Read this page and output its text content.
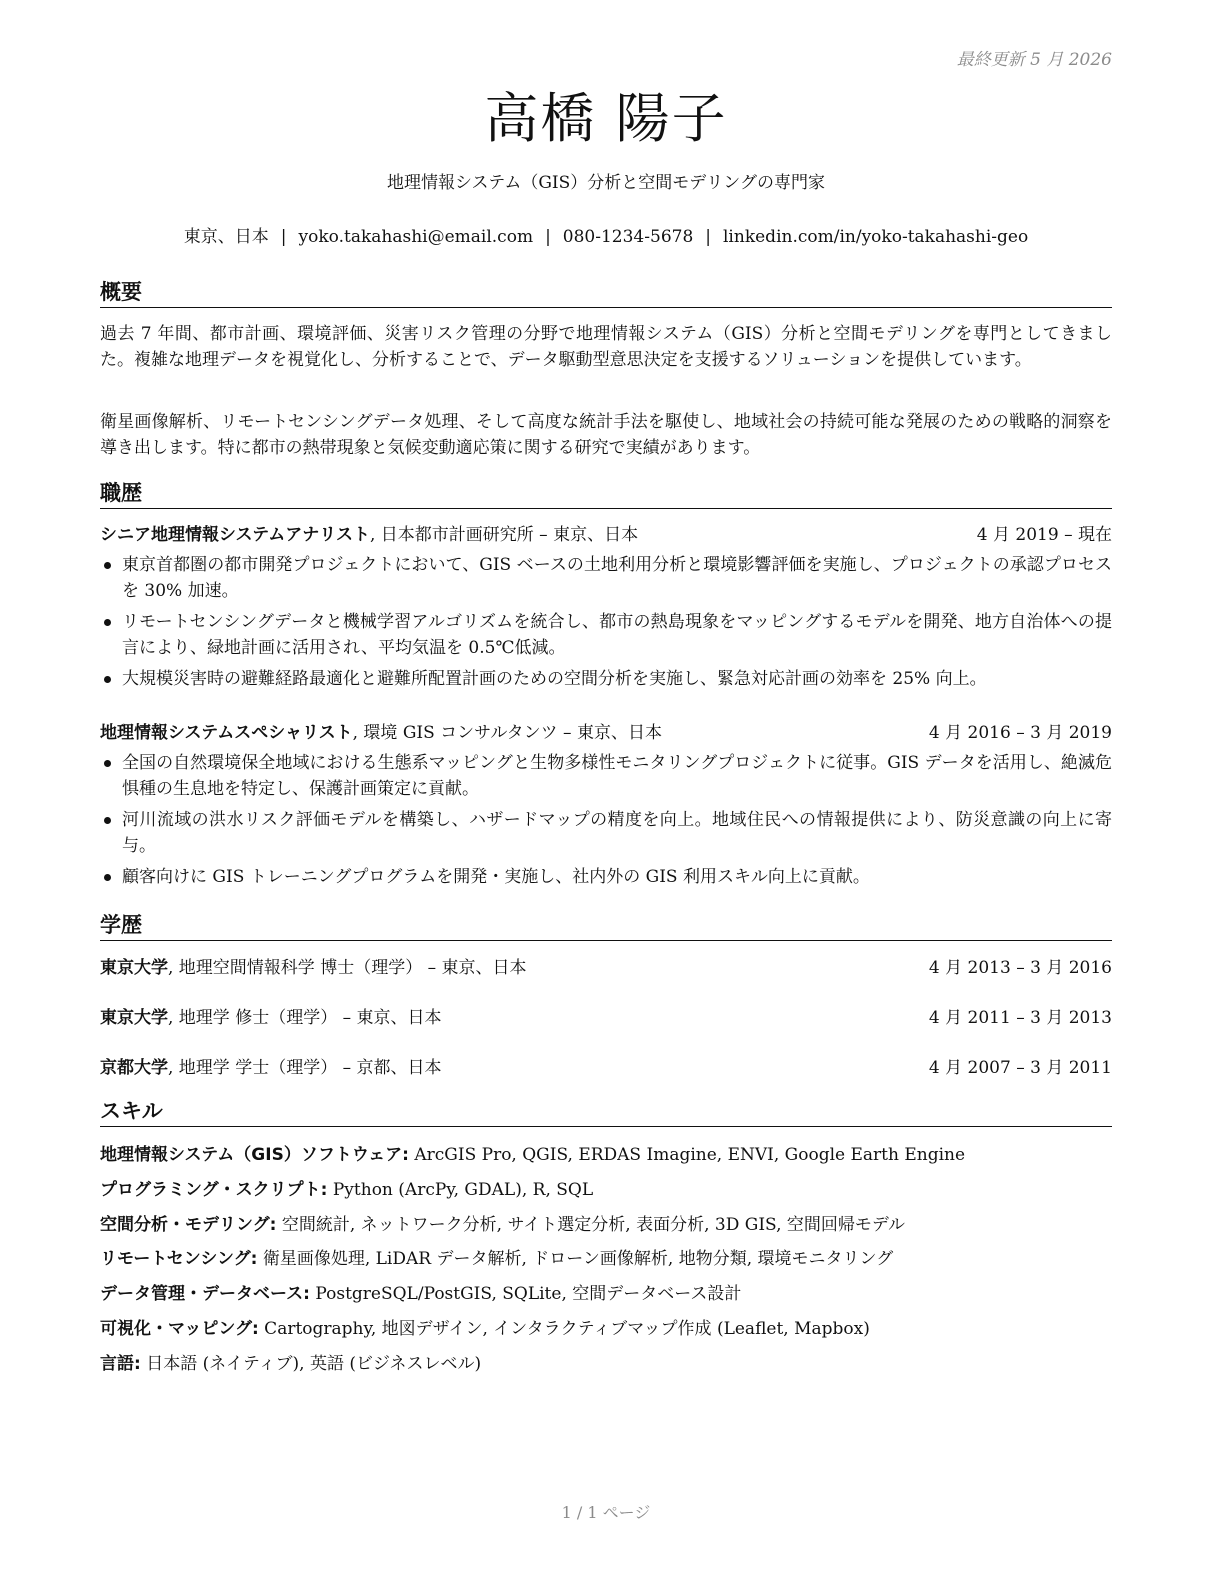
最終更新 5 月 2026
高橋 陽子
地理情報システム（GIS）分析と空間モデリングの専門家
東京、日本 | yoko.takahashi@email.com | 080-1234-5678 | linkedin.com/in/yoko-takahashi-geo
概要
過去 7 年間、都市計画、環境評価、災害リスク管理の分野で地理情報システム（GIS）分析と空間モデリングを専門としてきました。複雑な地理データを視覚化し、分析することで、データ駆動型意思決定を支援するソリューションを提供しています。
衛星画像解析、リモートセンシングデータ処理、そして高度な統計手法を駆使し、地域社会の持続可能な発展のための戦略的洞察を導き出します。特に都市の熱帯現象と気候変動適応策に関する研究で実績があります。
職歴
シニア地理情報システムアナリスト, 日本都市計画研究所 – 東京、日本	4 月 2019 – 現在
東京首都圏の都市開発プロジェクトにおいて、GIS ベースの土地利用分析と環境影響評価を実施し、プロジェクトの承認プロセスを 30% 加速。
リモートセンシングデータと機械学習アルゴリズムを統合し、都市の熱島現象をマッピングするモデルを開発、地方自治体への提言により、緑地計画に活用され、平均気温を 0.5℃低減。
大規模災害時の避難経路最適化と避難所配置計画のための空間分析を実施し、緊急対応計画の効率を 25% 向上。
地理情報システムスペシャリスト, 環境 GIS コンサルタンツ – 東京、日本	4 月 2016 – 3 月 2019
全国の自然環境保全地域における生態系マッピングと生物多様性モニタリングプロジェクトに従事。GIS データを活用し、絶滅危惧種の生息地を特定し、保護計画策定に貢献。
河川流域の洪水リスク評価モデルを構築し、ハザードマップの精度を向上。地域住民への情報提供により、防災意識の向上に寄与。
顧客向けに GIS トレーニングプログラムを開発・実施し、社内外の GIS 利用スキル向上に貢献。
学歴
東京大学, 地理空間情報科学 博士（理学） – 東京、日本	4 月 2013 – 3 月 2016
東京大学, 地理学 修士（理学） – 東京、日本	4 月 2011 – 3 月 2013
京都大学, 地理学 学士（理学） – 京都、日本	4 月 2007 – 3 月 2011
スキル
地理情報システム（GIS）ソフトウェア: ArcGIS Pro, QGIS, ERDAS Imagine, ENVI, Google Earth Engine
プログラミング・スクリプト: Python (ArcPy, GDAL), R, SQL
空間分析・モデリング: 空間統計, ネットワーク分析, サイト選定分析, 表面分析, 3D GIS, 空間回帰モデル
リモートセンシング: 衛星画像処理, LiDAR データ解析, ドローン画像解析, 地物分類, 環境モニタリング
データ管理・データベース: PostgreSQL/PostGIS, SQLite, 空間データベース設計
可視化・マッピング: Cartography, 地図デザイン, インタラクティブマップ作成 (Leaflet, Mapbox)
言語: 日本語 (ネイティブ), 英語 (ビジネスレベル)
1 / 1 ページ
